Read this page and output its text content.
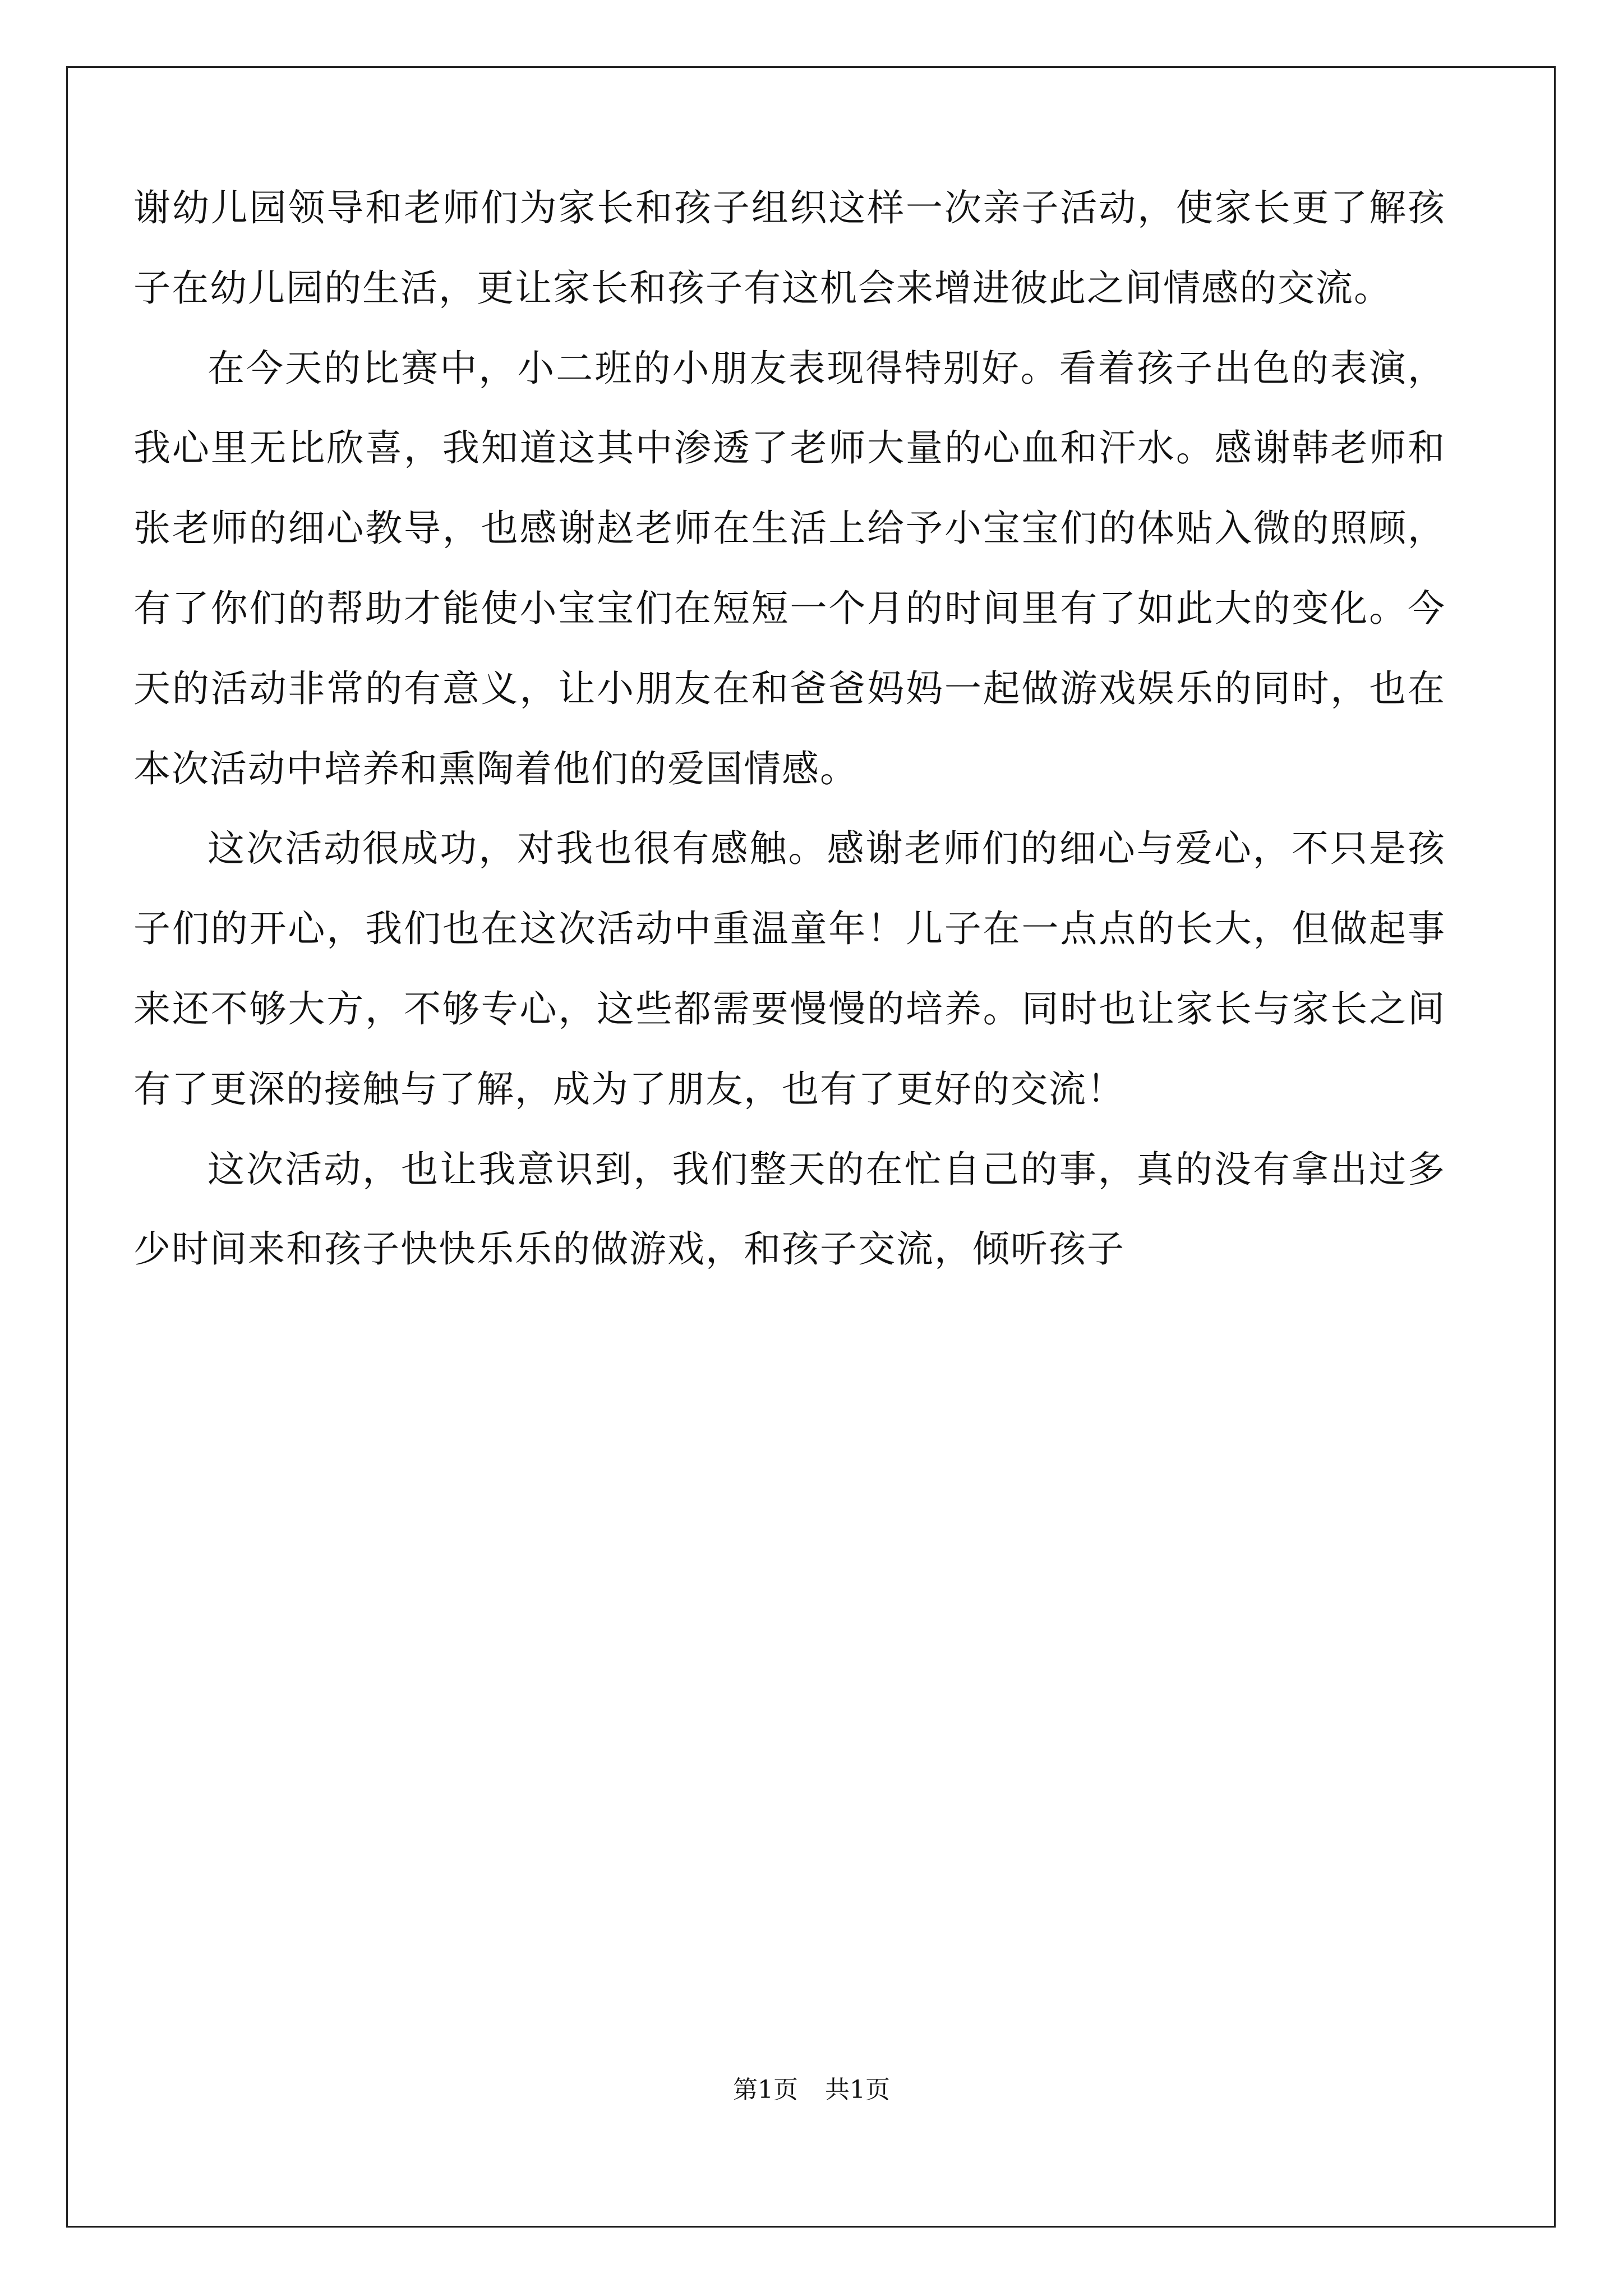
谢幼儿园领导和老师们为家长和孩子组织这样一次亲子活动，使家长更了解孩子在幼儿园的生活，更让家长和孩子有这机会来增进彼此之间情感的交流。

在今天的比赛中，小二班的小朋友表现得特别好。看着孩子出色的表演，我心里无比欣喜，我知道这其中渗透了老师大量的心血和汗水。感谢韩老师和张老师的细心教导，也感谢赵老师在生活上给予小宝宝们的体贴入微的照顾，有了你们的帮助才能使小宝宝们在短短一个月的时间里有了如此大的变化。今天的活动非常的有意义，让小朋友在和爸爸妈妈一起做游戏娱乐的同时，也在本次活动中培养和熏陶着他们的爱国情感。

这次活动很成功，对我也很有感触。感谢老师们的细心与爱心，不只是孩子们的开心，我们也在这次活动中重温童年！儿子在一点点的长大，但做起事来还不够大方，不够专心，这些都需要慢慢的培养。同时也让家长与家长之间有了更深的接触与了解，成为了朋友，也有了更好的交流！

这次活动，也让我意识到，我们整天的在忙自己的事，真的没有拿出过多少时间来和孩子快快乐乐的做游戏，和孩子交流，倾听孩子

第1页 共1页
